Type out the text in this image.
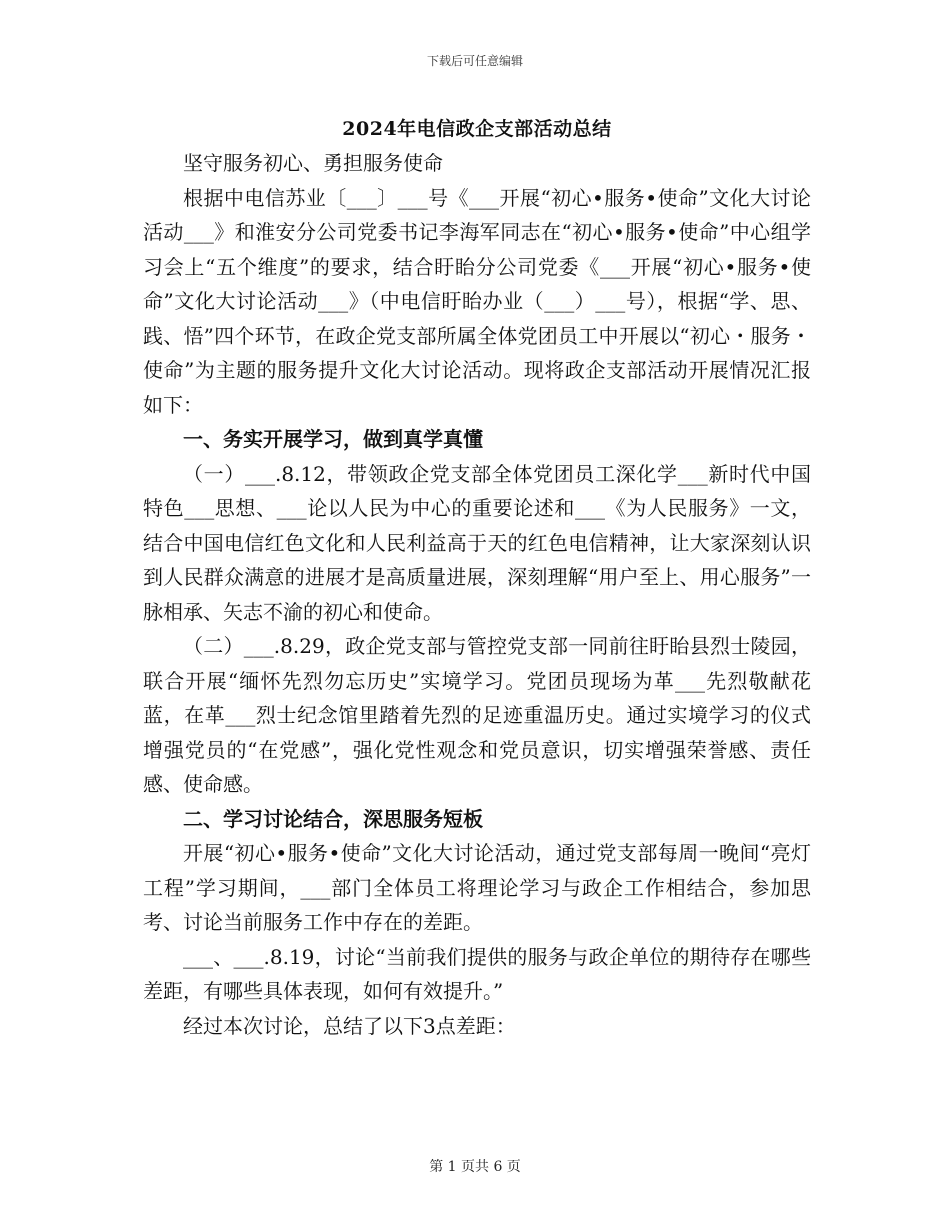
下载后可任意编辑
2024年电信政企支部活动总结

坚守服务初心、勇担服务使命

根据中电信苏业〔___〕___号《___开展“初心•服务•使命”文化大讨论活动___》和淮安分公司党委书记李海军同志在“初心•服务•使命”中心组学习会上“五个维度”的要求，结合盱眙分公司党委《___开展“初心•服务•使命”文化大讨论活动___》（中电信盱眙办业（___）___号），根据“学、思、践、悟”四个环节，在政企党支部所属全体党团员工中开展以“初心・服务・使命”为主题的服务提升文化大讨论活动。现将政企支部活动开展情况汇报如下：

一、务实开展学习，做到真学真懂

（一）___.8.12，带领政企党支部全体党团员工深化学___新时代中国特色___思想、___论以人民为中心的重要论述和___《为人民服务》一文，结合中国电信红色文化和人民利益高于天的红色电信精神，让大家深刻认识到人民群众满意的进展才是高质量进展，深刻理解“用户至上、用心服务”一脉相承、矢志不渝的初心和使命。

（二）___.8.29，政企党支部与管控党支部一同前往盱眙县烈士陵园，联合开展“缅怀先烈勿忘历史”实境学习。党团员现场为革___先烈敬献花蓝，在革___烈士纪念馆里踏着先烈的足迹重温历史。通过实境学习的仪式增强党员的“在党感”，强化党性观念和党员意识，切实增强荣誉感、责任感、使命感。

二、学习讨论结合，深思服务短板

开展“初心•服务•使命”文化大讨论活动，通过党支部每周一晚间“亮灯工程”学习期间，___部门全体员工将理论学习与政企工作相结合，参加思考、讨论当前服务工作中存在的差距。

___、___.8.19，讨论“当前我们提供的服务与政企单位的期待存在哪些差距，有哪些具体表现，如何有效提升。”

经过本次讨论，总结了以下3点差距：

第 1 页共 6 页
